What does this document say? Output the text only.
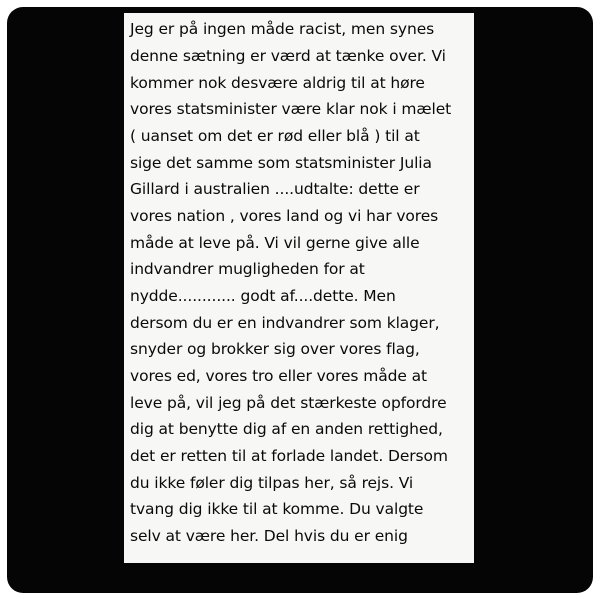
Jeg er på ingen måde racist, men synes

denne sætning er værd at tænke over. Vi

kommer nok desvære aldrig til at høre

vores statsminister være klar nok i mælet

( uanset om det er rød eller blå ) til at

sige det samme som statsminister Julia

Gillard i australien ....udtalte: dette er

vores nation , vores land og vi har vores

måde at leve på. Vi vil gerne give alle

indvandrer mugligheden for at

nydde............ godt af....dette. Men

dersom du er en indvandrer som klager,

snyder og brokker sig over vores flag,

vores ed, vores tro eller vores måde at

leve på, vil jeg på det stærkeste opfordre

dig at benytte dig af en anden rettighed,

det er retten til at forlade landet. Dersom

du ikke føler dig tilpas her, så rejs. Vi

tvang dig ikke til at komme. Du valgte

selv at være her. Del hvis du er enig
